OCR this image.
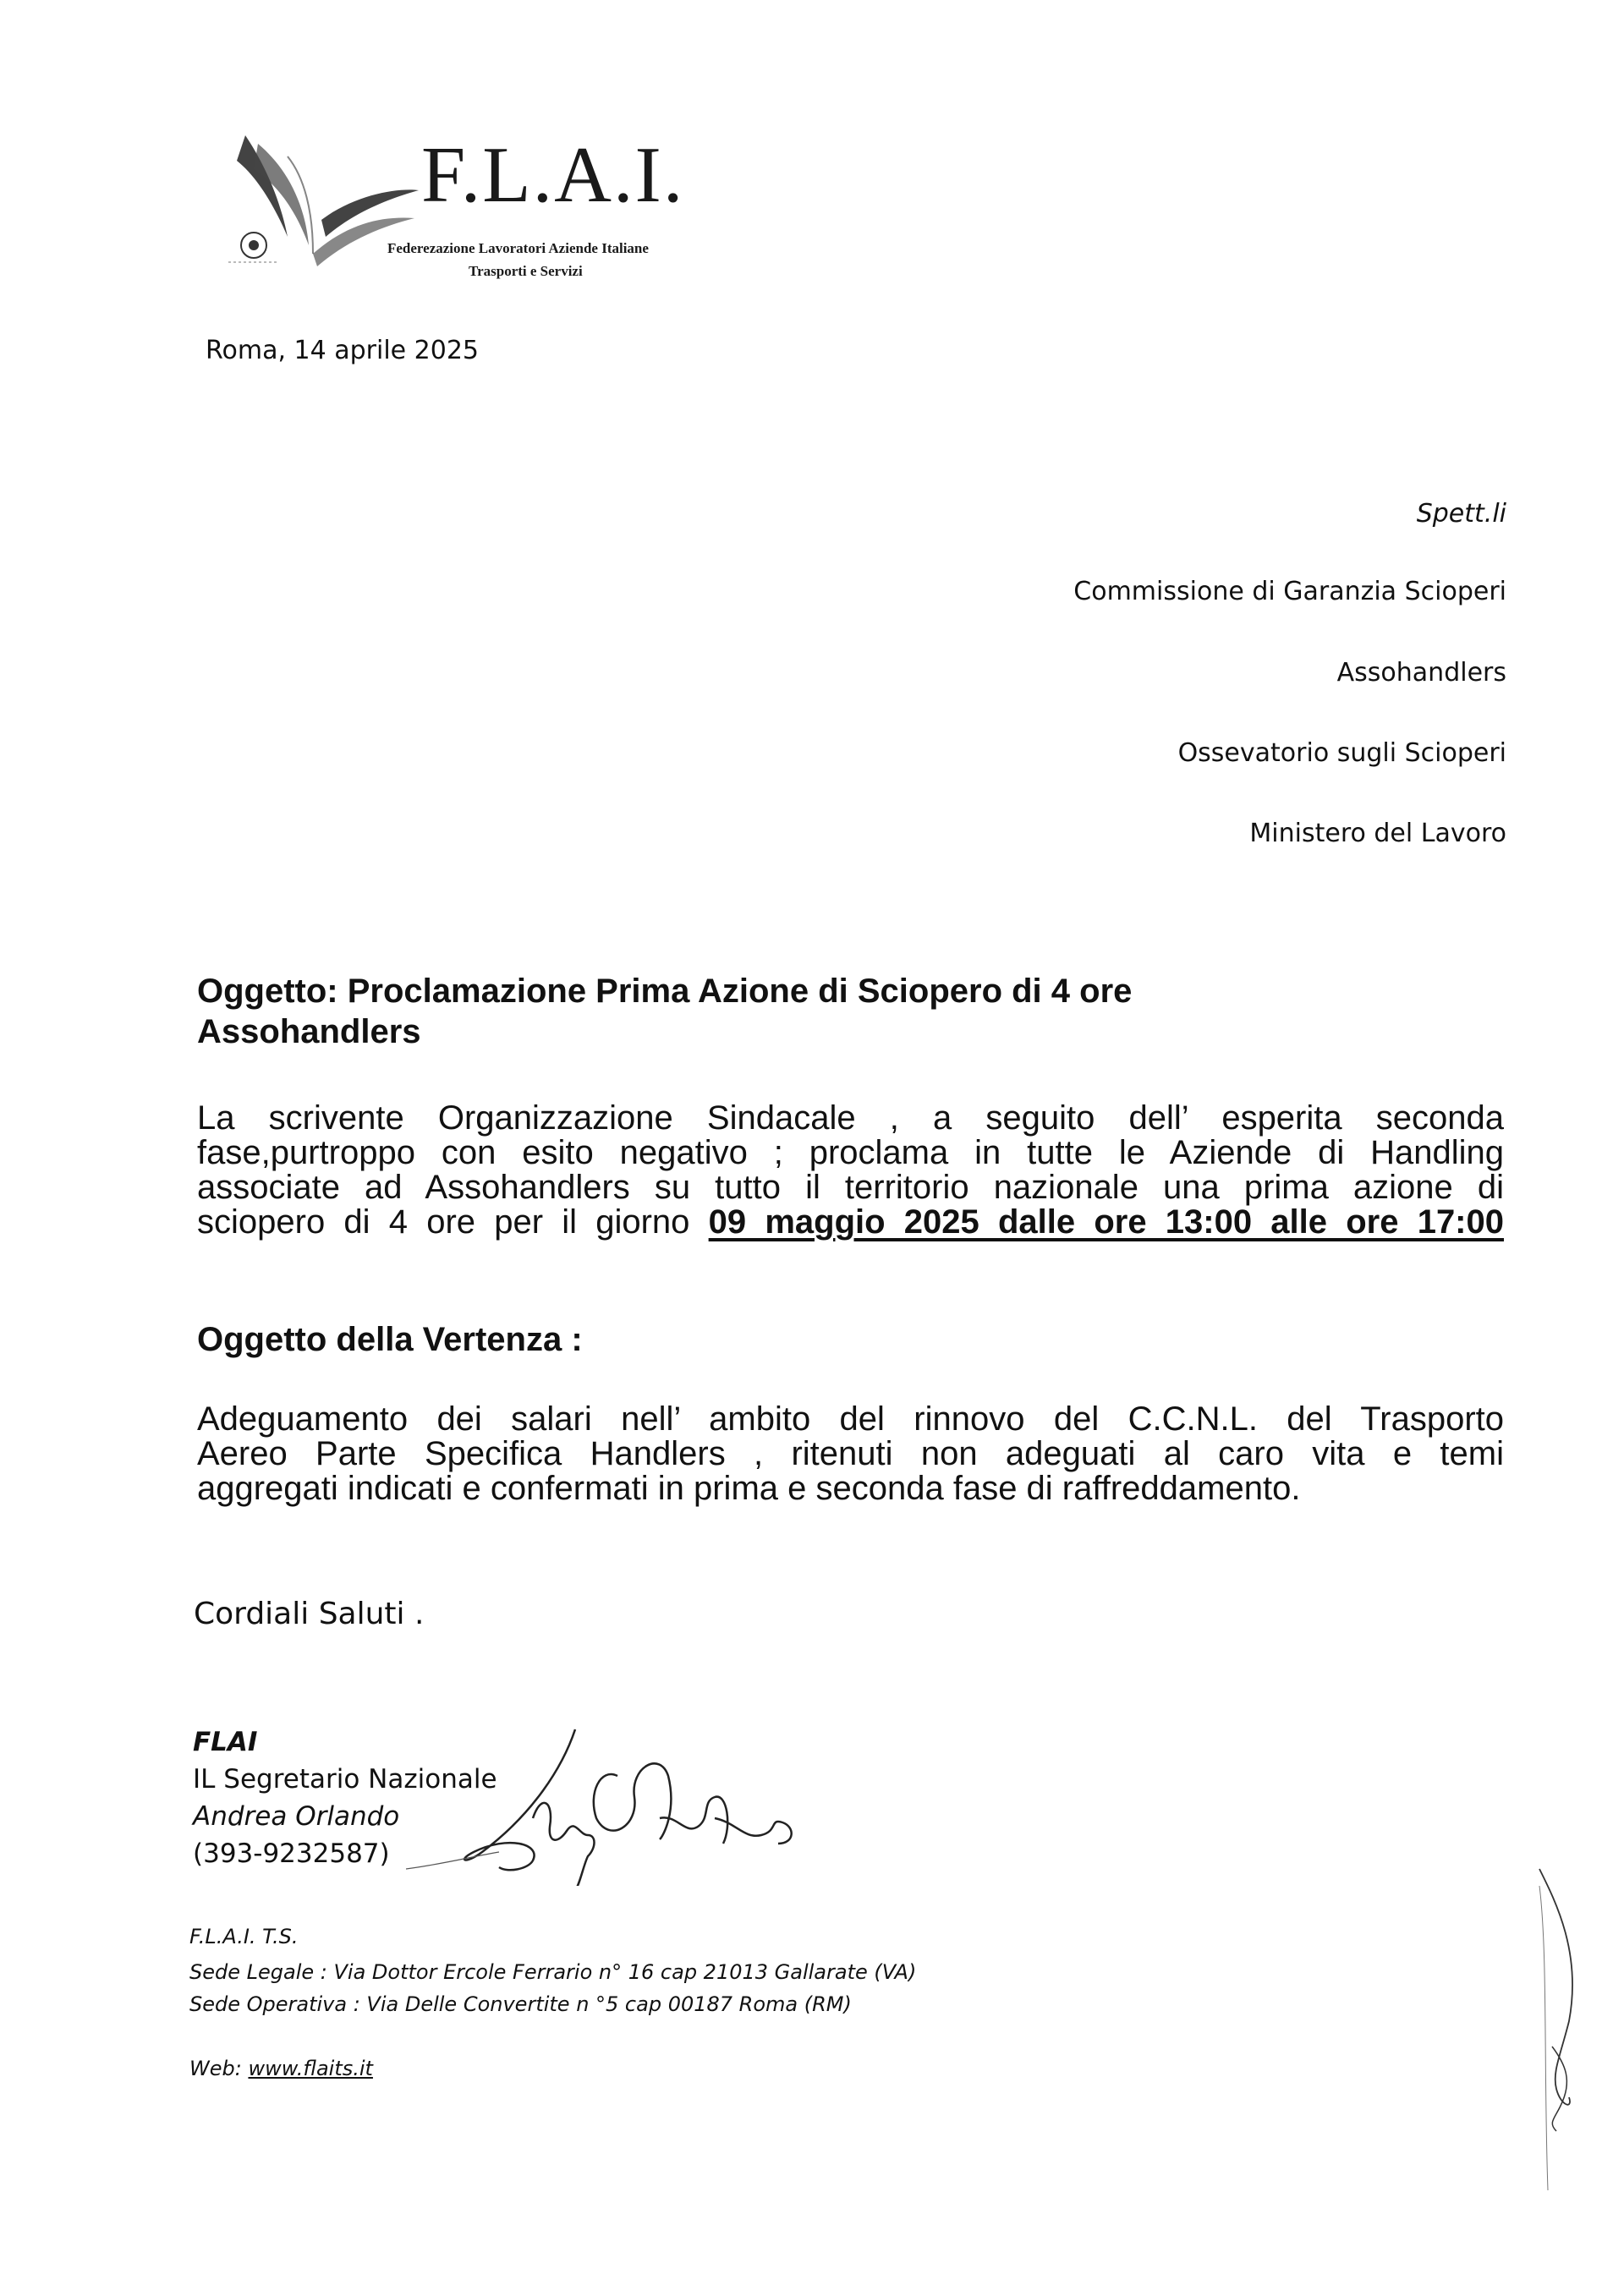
F.L.A.I.
Federezazione Lavoratori Aziende Italiane
Trasporti e Servizi
Roma, 14 aprile 2025
Spett.li
Commissione di Garanzia Scioperi
Assohandlers
Ossevatorio sugli Scioperi
Ministero del Lavoro
Oggetto: Proclamazione Prima Azione di Sciopero di 4 ore
Assohandlers
La scrivente Organizzazione Sindacale , a seguito dell’ esperita seconda
fase,purtroppo con esito negativo ; proclama in tutte le Aziende di Handling
associate ad Assohandlers su tutto il territorio nazionale una prima azione di
sciopero di 4 ore per il giorno 09 maggio 2025 dalle ore 13:00 alle ore 17:00
Oggetto della Vertenza :
Adeguamento dei salari nell’ ambito del rinnovo del C.C.N.L. del Trasporto
Aereo Parte Specifica Handlers , ritenuti non adeguati al caro vita e temi
aggregati indicati e confermati in prima e seconda fase di raffreddamento.
Cordiali Saluti .
FLAI
IL Segretario Nazionale
Andrea Orlando
(393-9232587)
F.L.A.I. T.S.
Sede Legale : Via Dottor Ercole Ferrario n° 16 cap 21013 Gallarate (VA)
Sede Operativa : Via Delle Convertite n °5 cap 00187 Roma (RM)
Web: www.flaits.it
